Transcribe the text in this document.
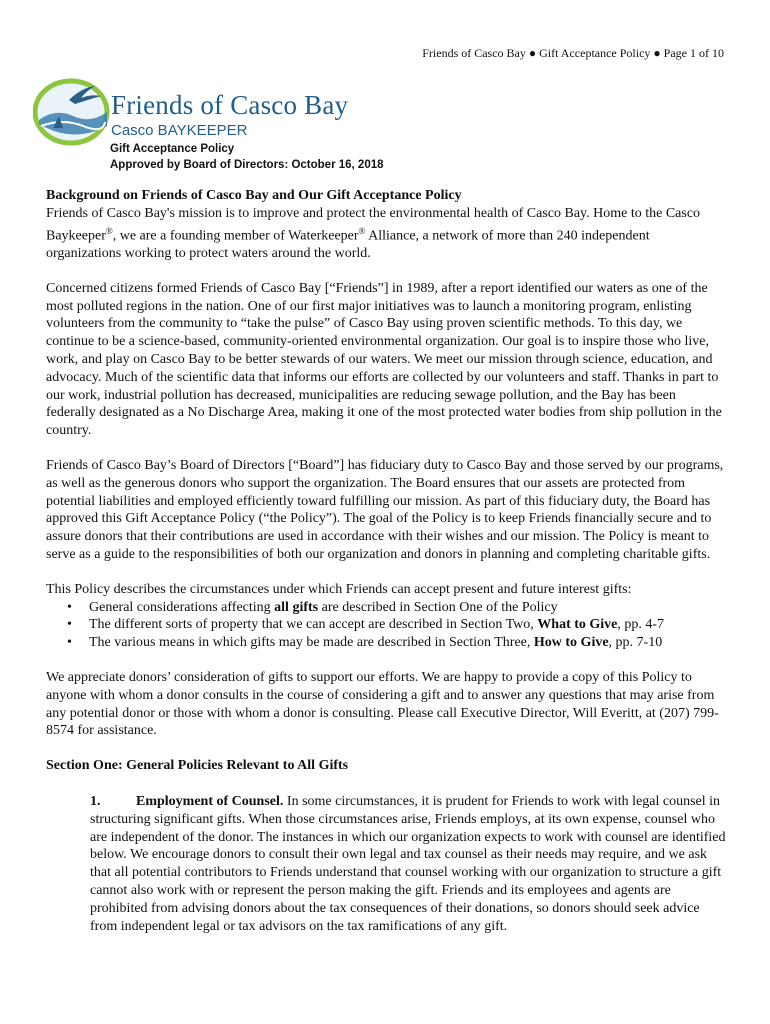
Friends of Casco Bay ● Gift Acceptance Policy ● Page 1 of 10
Friends of Casco Bay
Casco BAYKEEPER
Gift Acceptance Policy
Approved by Board of Directors: October 16, 2018
Background on Friends of Casco Bay and Our Gift Acceptance Policy

Friends of Casco Bay's mission is to improve and protect the environmental health of Casco Bay. Home to the Casco Baykeeper®, we are a founding member of Waterkeeper® Alliance, a network of more than 240 independent organizations working to protect waters around the world.

Concerned citizens formed Friends of Casco Bay [“Friends”] in 1989, after a report identified our waters as one of the most polluted regions in the nation. One of our first major initiatives was to launch a monitoring program, enlisting volunteers from the community to “take the pulse” of Casco Bay using proven scientific methods. To this day, we continue to be a science-based, community-oriented environmental organization. Our goal is to inspire those who live, work, and play on Casco Bay to be better stewards of our waters. We meet our mission through science, education, and advocacy. Much of the scientific data that informs our efforts are collected by our volunteers and staff. Thanks in part to our work, industrial pollution has decreased, municipalities are reducing sewage pollution, and the Bay has been federally designated as a No Discharge Area, making it one of the most protected water bodies from ship pollution in the country.

Friends of Casco Bay’s Board of Directors [“Board”] has fiduciary duty to Casco Bay and those served by our programs, as well as the generous donors who support the organization. The Board ensures that our assets are protected from potential liabilities and employed efficiently toward fulfilling our mission. As part of this fiduciary duty, the Board has approved this Gift Acceptance Policy (“the Policy”). The goal of the Policy is to keep Friends financially secure and to assure donors that their contributions are used in accordance with their wishes and our mission. The Policy is meant to serve as a guide to the responsibilities of both our organization and donors in planning and completing charitable gifts.

This Policy describes the circumstances under which Friends can accept present and future interest gifts:

• General considerations affecting all gifts are described in Section One of the Policy
• The different sorts of property that we can accept are described in Section Two, What to Give, pp. 4-7
• The various means in which gifts may be made are described in Section Three, How to Give, pp. 7-10

We appreciate donors’ consideration of gifts to support our efforts. We are happy to provide a copy of this Policy to anyone with whom a donor consults in the course of considering a gift and to answer any questions that may arise from any potential donor or those with whom a donor is consulting. Please call Executive Director, Will Everitt, at (207) 799-8574 for assistance.

Section One: General Policies Relevant to All Gifts
1.	Employment of Counsel. In some circumstances, it is prudent for Friends to work with legal counsel in structuring significant gifts. When those circumstances arise, Friends employs, at its own expense, counsel who are independent of the donor. The instances in which our organization expects to work with counsel are identified below. We encourage donors to consult their own legal and tax counsel as their needs may require, and we ask that all potential contributors to Friends understand that counsel working with our organization to structure a gift cannot also work with or represent the person making the gift. Friends and its employees and agents are prohibited from advising donors about the tax consequences of their donations, so donors should seek advice from independent legal or tax advisors on the tax ramifications of any gift.
